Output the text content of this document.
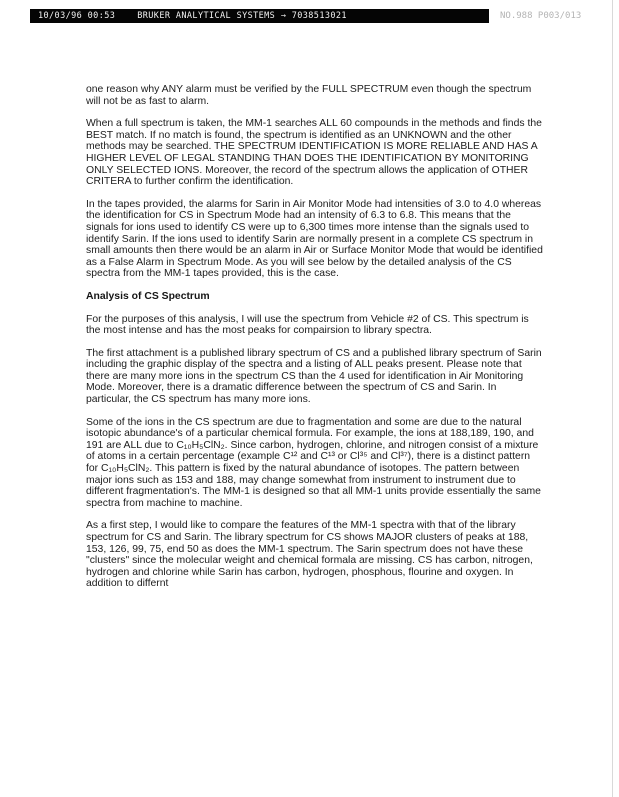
10/03/96 00:53	BRUKER ANALYTICAL SYSTEMS → 7038513021	NO.988 P003/013

one reason why ANY alarm must be verified by the FULL SPECTRUM even though the spectrum will not be as fast to alarm.

When a full spectrum is taken, the MM-1 searches ALL 60 compounds in the methods and finds the BEST match. If no match is found, the spectrum is identified as an UNKNOWN and the other methods may be searched. THE SPECTRUM IDENTIFICATION IS MORE RELIABLE AND HAS A HIGHER LEVEL OF LEGAL STANDING THAN DOES THE IDENTIFICATION BY MONITORING ONLY SELECTED IONS. Moreover, the record of the spectrum allows the application of OTHER CRITERA to further confirm the identification.

In the tapes provided, the alarms for Sarin in Air Monitor Mode had intensities of 3.0 to 4.0 whereas the identification for CS in Spectrum Mode had an intensity of 6.3 to 6.8. This means that the signals for ions used to identify CS were up to 6,300 times more intense than the signals used to identify Sarin. If the ions used to identify Sarin are normally present in a complete CS spectrum in small amounts then there would be an alarm in Air or Surface Monitor Mode that would be identified as a False Alarm in Spectrum Mode. As you will see below by the detailed analysis of the CS spectra from the MM-1 tapes provided, this is the case.

Analysis of CS Spectrum

For the purposes of this analysis, I will use the spectrum from Vehicle #2 of CS. This spectrum is the most intense and has the most peaks for compairsion to library spectra.

The first attachment is a published library spectrum of CS and a published library spectrum of Sarin including the graphic display of the spectra and a listing of ALL peaks present. Please note that there are many more ions in the spectrum CS than the 4 used for identification in Air Monitoring Mode. Moreover, there is a dramatic difference between the spectrum of CS and Sarin. In particular, the CS spectrum has many more ions.

Some of the ions in the CS spectrum are due to fragmentation and some are due to the natural isotopic abundance's of a particular chemical formula. For example, the ions at 188,189, 190, and 191 are ALL due to C₁₀H₅ClN₂. Since carbon, hydrogen, chlorine, and nitrogen consist of a mixture of atoms in a certain percentage (example C¹² and C¹³ or Cl³⁵ and Cl³⁷), there is a distinct pattern for C₁₀H₅ClN₂. This pattern is fixed by the natural abundance of isotopes. The pattern between major ions such as 153 and 188, may change somewhat from instrument to instrument due to different fragmentation's. The MM-1 is designed so that all MM-1 units provide essentially the same spectra from machine to machine.

As a first step, I would like to compare the features of the MM-1 spectra with that of the library spectrum for CS and Sarin. The library spectrum for CS shows MAJOR clusters of peaks at 188, 153, 126, 99, 75, end 50 as does the MM-1 spectrum. The Sarin spectrum does not have these "clusters" since the molecular weight and chemical formala are missing. CS has carbon, nitrogen, hydrogen and chlorine while Sarin has carbon, hydrogen, phosphous, flourine and oxygen. In addition to differnt
